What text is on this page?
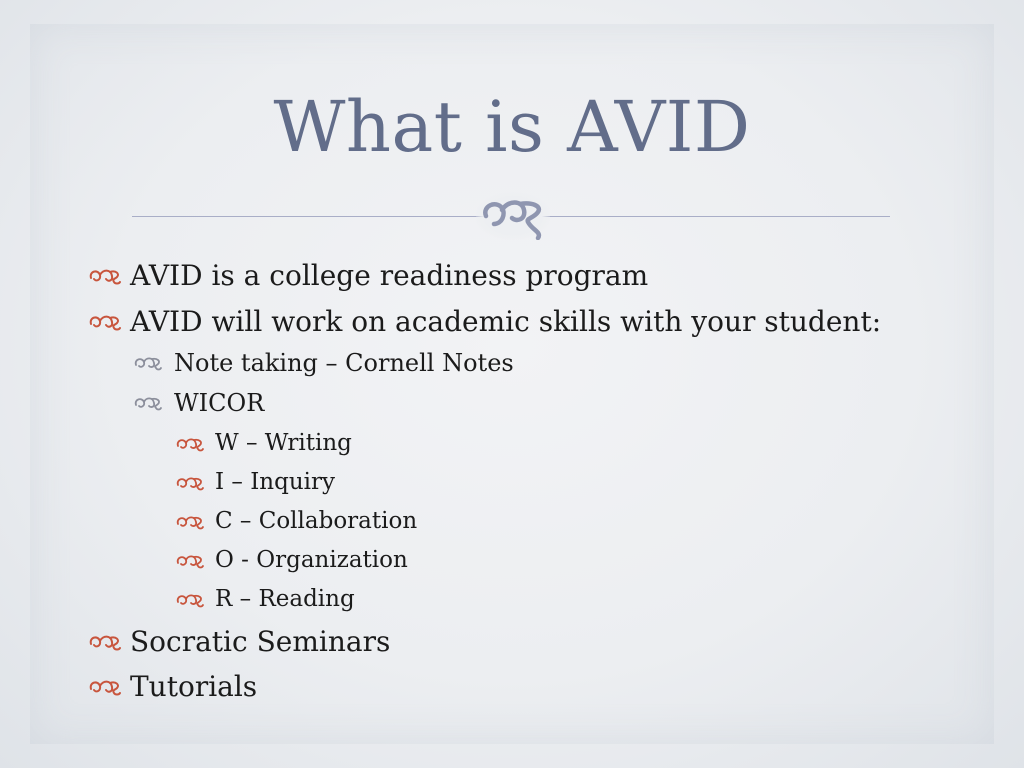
What is AVID
AVID is a college readiness program
AVID will work on academic skills with your student:
Note taking – Cornell Notes
WICOR
W – Writing
I – Inquiry
C – Collaboration
O - Organization
R – Reading
Socratic Seminars
Tutorials
